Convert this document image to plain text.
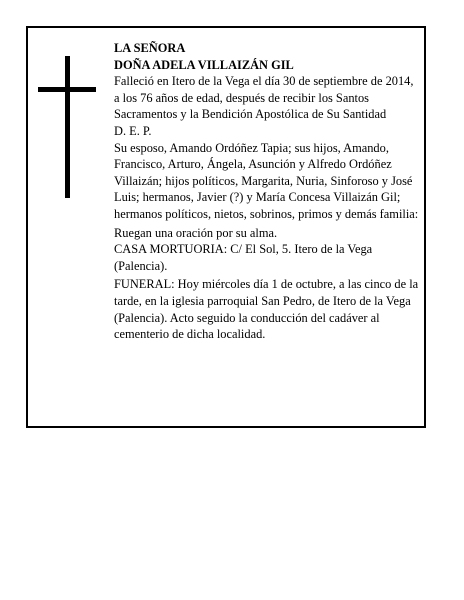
LA SEÑORA

DOÑA ADELA VILLAIZÁN GIL

Falleció en Itero de la Vega el día 30 de septiembre de 2014, a los 76 años de edad, después de recibir los Santos Sacramentos y la Bendición Apostólica de Su Santidad

D. E. P.

Su esposo, Amando Ordóñez Tapia; sus hijos, Amando, Francisco, Arturo, Ángela, Asunción y Alfredo Ordóñez Villaizán; hijos políticos, Margarita, Nuria, Sinforoso y José Luis; hermanos, Javier (?) y María Concesa Villaizán Gil; hermanos políticos, nietos, sobrinos, primos y demás familia:

Ruegan una oración por su alma.

CASA MORTUORIA: C/ El Sol, 5. Itero de la Vega (Palencia).

FUNERAL: Hoy miércoles día 1 de octubre, a las cinco de la tarde, en la iglesia parroquial San Pedro, de Itero de la Vega (Palencia). Acto seguido la conducción del cadáver al cementerio de dicha localidad.
